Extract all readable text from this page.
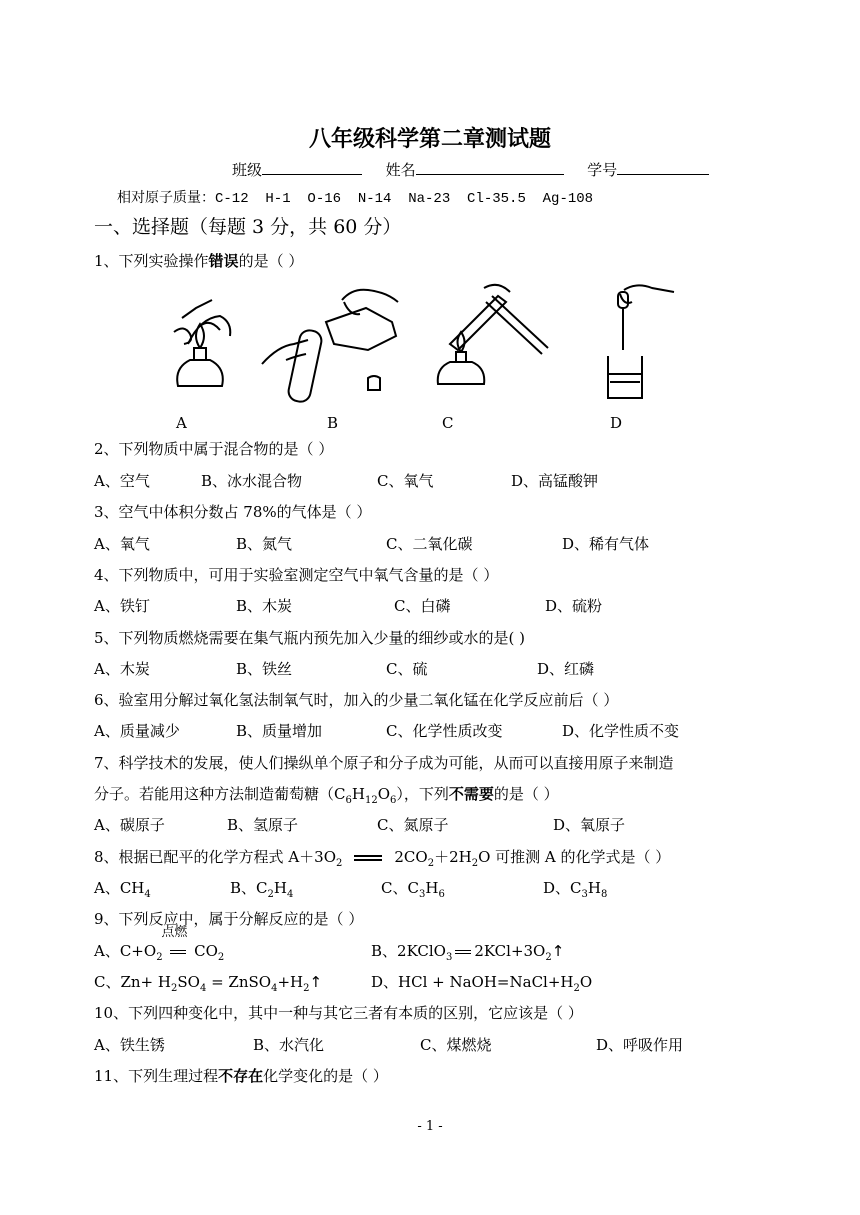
八年级科学第二章测试题
班级	姓名	学号
相对原子质量：C-12  H-1  O-16  N-14  Na-23  Cl-35.5  Ag-108
一、选择题（每题 3 分，共 60 分）
1、下列实验操作错误的是（ ）
A	B	C	D
2、下列物质中属于混合物的是（ ）
A、空气	B、冰水混合物	C、氧气	D、高锰酸钾
3、空气中体积分数占 78%的气体是（ ）
A、氧气	B、氮气	C、二氧化碳	D、稀有气体
4、下列物质中，可用于实验室测定空气中氧气含量的是（ ）
A、铁钉	B、木炭	C、白磷	D、硫粉
5、下列物质燃烧需要在集气瓶内预先加入少量的细纱或水的是( )
A、木炭	B、铁丝	C、硫	D、红磷
6、验室用分解过氧化氢法制氧气时，加入的少量二氧化锰在化学反应前后（ ）
A、质量减少	B、质量增加	C、化学性质改变	D、化学性质不变
7、科学技术的发展，使人们操纵单个原子和分子成为可能，从而可以直接用原子来制造
分子。若能用这种方法制造葡萄糖$(C_6H_{12}O_6)$，下列不需要的是（ ）
A、碳原子	B、氢原子	C、氮原子	D、氧原子
8、根据已配平的化学方程式 $A+3O_2$	$2CO_2+2H_2O$ 可推测 A 的化学式是（ ）
A、$CH_4$	B、$C_2H_4$	C、$C_3H_6$	D、$C_3H_8$
9、下列反应中，属于分解反应的是（ ）
A、$C+O_2$
点燃
$CO_2$	B、2KClO$_3$ $2KCl+3O_2↑$
C、$Zn+ H_2SO_4$ = $ZnSO_4+H_2↑$	D、HCl + $NaOH=NaCl+H_2O$
10、下列四种变化中，其中一种与其它三者有本质的区别，它应该是（ ）
A、铁生锈	B、水汽化	C、煤燃烧	D、呼吸作用
11、下列生理过程不存在化学变化的是（ ）
- 1 -
